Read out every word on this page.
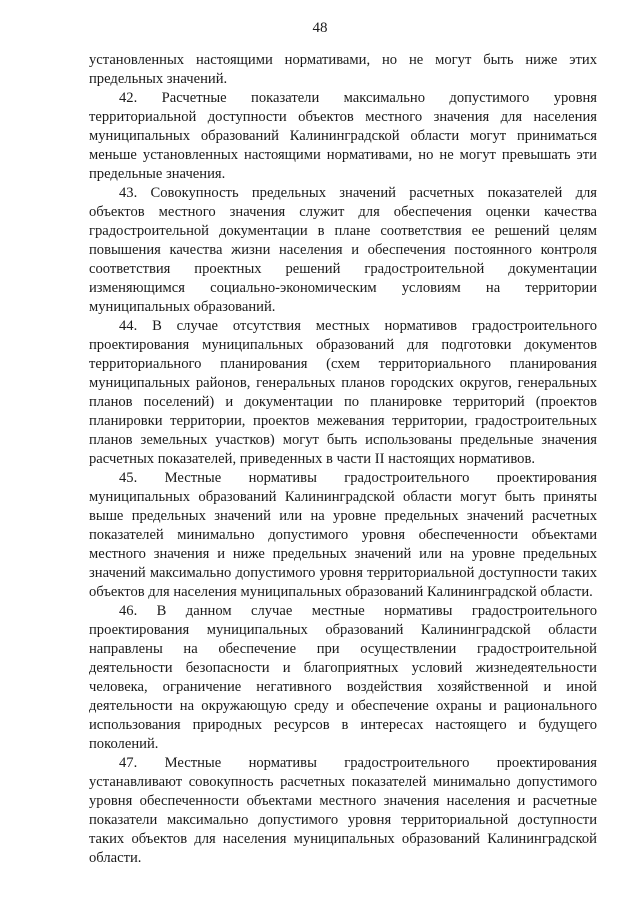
48

установленных настоящими нормативами, но не могут быть ниже этих предельных значений.

42. Расчетные показатели максимально допустимого уровня территориальной доступности объектов местного значения для населения муниципальных образований Калининградской области могут приниматься меньше установленных настоящими нормативами, но не могут превышать эти предельные значения.

43. Совокупность предельных значений расчетных показателей для объектов местного значения служит для обеспечения оценки качества градостроительной документации в плане соответствия ее решений целям повышения качества жизни населения и обеспечения постоянного контроля соответствия проектных решений градостроительной документации изменяющимся социально-экономическим условиям на территории муниципальных образований.

44. В случае отсутствия местных нормативов градостроительного проектирования муниципальных образований для подготовки документов территориального планирования (схем территориального планирования муниципальных районов, генеральных планов городских округов, генеральных планов поселений) и документации по планировке территорий (проектов планировки территории, проектов межевания территории, градостроительных планов земельных участков) могут быть использованы предельные значения расчетных показателей, приведенных в части II настоящих нормативов.

45. Местные нормативы градостроительного проектирования муниципальных образований Калининградской области могут быть приняты выше предельных значений или на уровне предельных значений расчетных показателей минимально допустимого уровня обеспеченности объектами местного значения и ниже предельных значений или на уровне предельных значений максимально допустимого уровня территориальной доступности таких объектов для населения муниципальных образований Калининградской области.

46. В данном случае местные нормативы градостроительного проектирования муниципальных образований Калининградской области направлены на обеспечение при осуществлении градостроительной деятельности безопасности и благоприятных условий жизнедеятельности человека, ограничение негативного воздействия хозяйственной и иной деятельности на окружающую среду и обеспечение охраны и рационального использования природных ресурсов в интересах настоящего и будущего поколений.

47. Местные нормативы градостроительного проектирования устанавливают совокупность расчетных показателей минимально допустимого уровня обеспеченности объектами местного значения населения и расчетные показатели максимально допустимого уровня территориальной доступности таких объектов для населения муниципальных образований Калининградской области.
